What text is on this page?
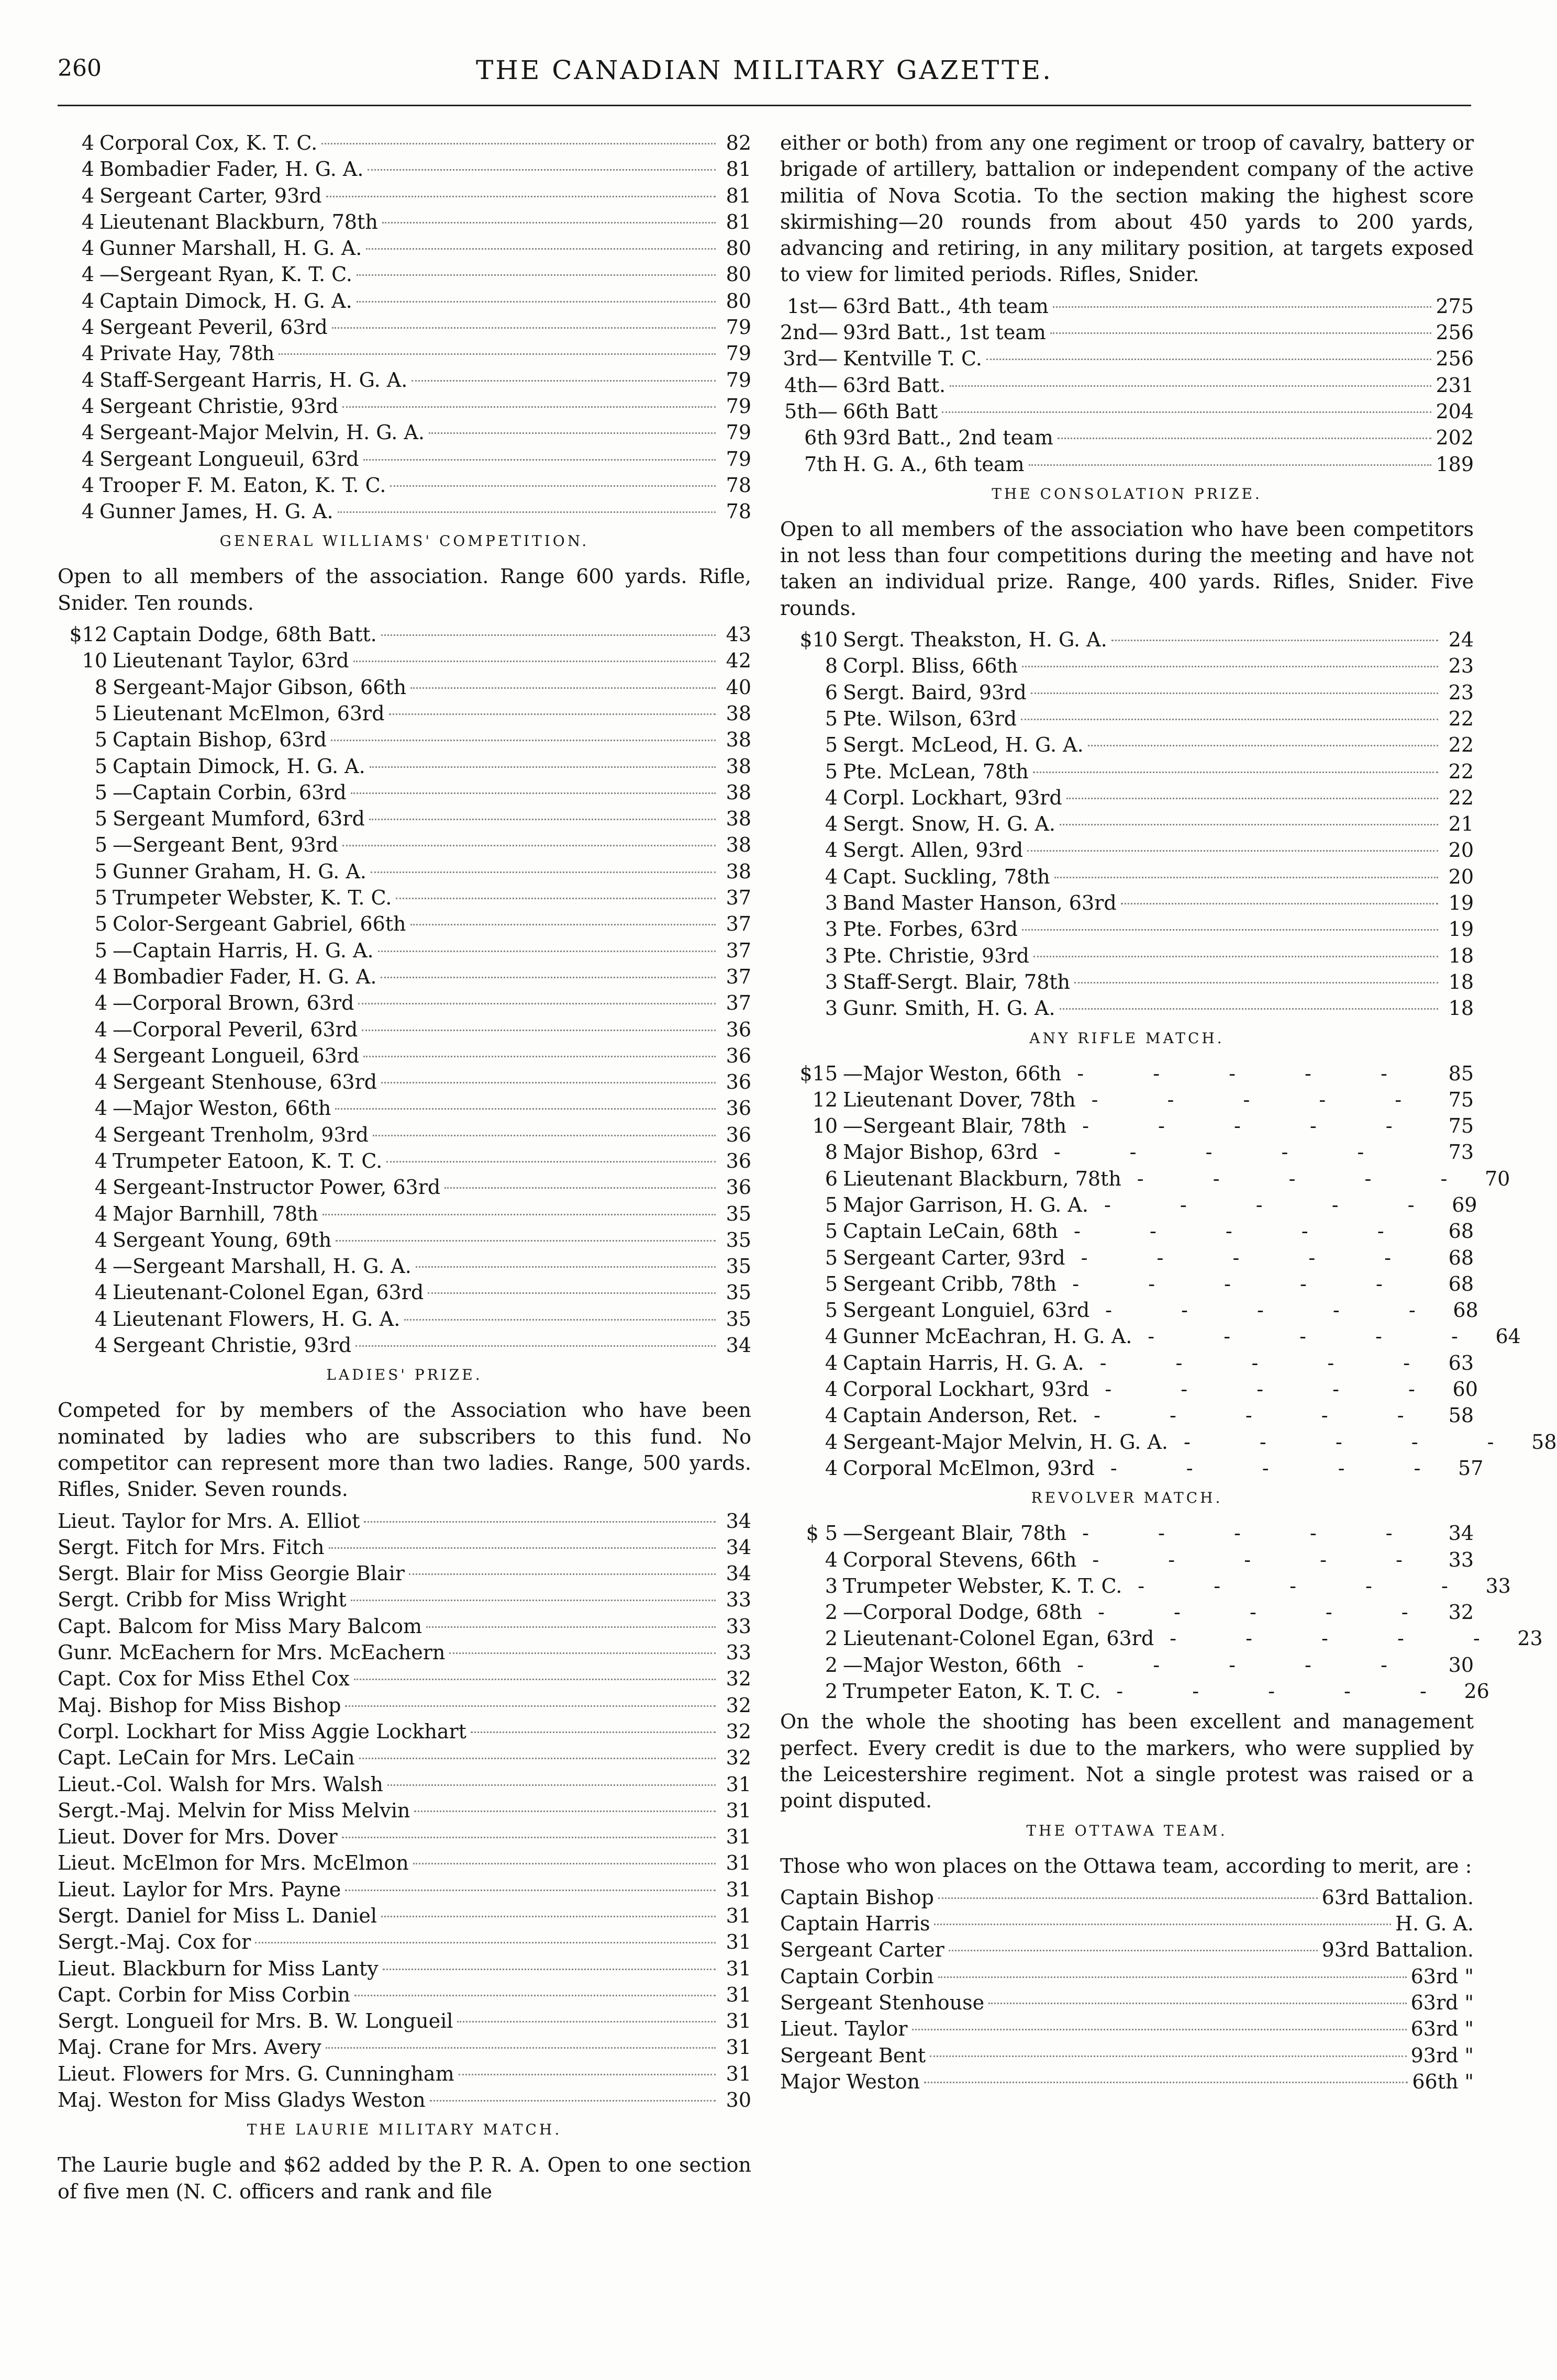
260	THE CANADIAN MILITARY GAZETTE.
4 Corporal Cox, K. T. C.	82
4 Bombadier Fader, H. G. A.	81
4 Sergeant Carter, 93rd	81
4 Lieutenant Blackburn, 78th	81
4 Gunner Marshall, H. G. A.	80
4 —Sergeant Ryan, K. T. C.	80
4 Captain Dimock, H. G. A.	80
4 Sergeant Peveril, 63rd	79
4 Private Hay, 78th	79
4 Staff-Sergeant Harris, H. G. A.	79
4 Sergeant Christie, 93rd	79
4 Sergeant-Major Melvin, H. G. A.	79
4 Sergeant Longueuil, 63rd	79
4 Trooper F. M. Eaton, K. T. C.	78
4 Gunner James, H. G. A.	78
GENERAL WILLIAMS' COMPETITION.
Open to all members of the association. Range 600 yards. Rifle, Snider. Ten rounds.
$12 Captain Dodge, 68th Batt.	43
10 Lieutenant Taylor, 63rd	42
8 Sergeant-Major Gibson, 66th	40
5 Lieutenant McElmon, 63rd	38
5 Captain Bishop, 63rd	38
5 Captain Dimock, H. G. A.	38
5 —Captain Corbin, 63rd	38
5 Sergeant Mumford, 63rd	38
5 —Sergeant Bent, 93rd	38
5 Gunner Graham, H. G. A.	38
5 Trumpeter Webster, K. T. C.	37
5 Color-Sergeant Gabriel, 66th	37
5 —Captain Harris, H. G. A.	37
4 Bombadier Fader, H. G. A.	37
4 —Corporal Brown, 63rd	37
4 —Corporal Peveril, 63rd	36
4 Sergeant Longueil, 63rd	36
4 Sergeant Stenhouse, 63rd	36
4 —Major Weston, 66th	36
4 Sergeant Trenholm, 93rd	36
4 Trumpeter Eatoon, K. T. C.	36
4 Sergeant-Instructor Power, 63rd	36
4 Major Barnhill, 78th	35
4 Sergeant Young, 69th	35
4 —Sergeant Marshall, H. G. A.	35
4 Lieutenant-Colonel Egan, 63rd	35
4 Lieutenant Flowers, H. G. A.	35
4 Sergeant Christie, 93rd	34
LADIES' PRIZE.
Competed for by members of the Association who have been nominated by ladies who are subscribers to this fund. No competitor can represent more than two ladies. Range, 500 yards. Rifles, Snider. Seven rounds.
Lieut. Taylor for Mrs. A. Elliot	34
Sergt. Fitch for Mrs. Fitch	34
Sergt. Blair for Miss Georgie Blair	34
Sergt. Cribb for Miss Wright	33
Capt. Balcom for Miss Mary Balcom	33
Gunr. McEachern for Mrs. McEachern	33
Capt. Cox for Miss Ethel Cox	32
Maj. Bishop for Miss Bishop	32
Corpl. Lockhart for Miss Aggie Lockhart	32
Capt. LeCain for Mrs. LeCain	32
Lieut.-Col. Walsh for Mrs. Walsh	31
Sergt.-Maj. Melvin for Miss Melvin	31
Lieut. Dover for Mrs. Dover	31
Lieut. McElmon for Mrs. McElmon	31
Lieut. Laylor for Mrs. Payne	31
Sergt. Daniel for Miss L. Daniel	31
Sergt.-Maj. Cox for	31
Lieut. Blackburn for Miss Lanty	31
Capt. Corbin for Miss Corbin	31
Sergt. Longueil for Mrs. B. W. Longueil	31
Maj. Crane for Mrs. Avery	31
Lieut. Flowers for Mrs. G. Cunningham	31
Maj. Weston for Miss Gladys Weston	30
THE LAURIE MILITARY MATCH.
The Laurie bugle and $62 added by the P. R. A. Open to one section of five men (N. C. officers and rank and file
either or both) from any one regiment or troop of cavalry, battery or brigade of artillery, battalion or independent company of the active militia of Nova Scotia. To the section making the highest score skirmishing—20 rounds from about 450 yards to 200 yards, advancing and retiring, in any military position, at targets exposed to view for limited periods. Rifles, Snider.
1st— 63rd Batt., 4th team	275
2nd— 93rd Batt., 1st team	256
3rd— Kentville T. C.	256
4th— 63rd Batt.	231
5th— 66th Batt	204
6th 93rd Batt., 2nd team	202
7th H. G. A., 6th team	189
THE CONSOLATION PRIZE.
Open to all members of the association who have been competitors in not less than four competitions during the meeting and have not taken an individual prize. Range, 400 yards. Rifles, Snider. Five rounds.
$10 Sergt. Theakston, H. G. A.	24
8 Corpl. Bliss, 66th	23
6 Sergt. Baird, 93rd	23
5 Pte. Wilson, 63rd	22
5 Sergt. McLeod, H. G. A.	22
5 Pte. McLean, 78th	22
4 Corpl. Lockhart, 93rd	22
4 Sergt. Snow, H. G. A.	21
4 Sergt. Allen, 93rd	20
4 Capt. Suckling, 78th	20
3 Band Master Hanson, 63rd	19
3 Pte. Forbes, 63rd	19
3 Pte. Christie, 93rd	18
3 Staff-Sergt. Blair, 78th	18
3 Gunr. Smith, H. G. A.	18
ANY RIFLE MATCH.
$15 —Major Weston, 66th - - - - -	85
12 Lieutenant Dover, 78th - - - - - 75
10 —Sergeant Blair, 78th - - - - -	75
8 Major Bishop, 63rd - - - - -	73
6 Lieutenant Blackburn, 78th - - - - - 70
5 Major Garrison, H. G. A. - - - - - 69
5 Captain LeCain, 68th - - - - -	68
5 Sergeant Carter, 93rd - - - - -	68
5 Sergeant Cribb, 78th - - - - -	68
5 Sergeant Longuiel, 63rd - - - - - 68
4 Gunner McEachran, H. G. A. - - - - - 64
4 Captain Harris, H. G. A. - - - - - 63
4 Corporal Lockhart, 93rd - - - - - 60
4 Captain Anderson, Ret. - - - - - 58
4 Sergeant-Major Melvin, H. G. A. - - - - - 58
4 Corporal McElmon, 93rd - - - - - 57
REVOLVER MATCH.
$ 5 —Sergeant Blair, 78th - - - - -	34
4 Corporal Stevens, 66th - - - - - 33
3 Trumpeter Webster, K. T. C. - - - - - 33
2 —Corporal Dodge, 68th - - - - - 32
2 Lieutenant-Colonel Egan, 63rd - - - - - 23
2 —Major Weston, 66th - - - - -	30
2 Trumpeter Eaton, K. T. C. - - - - - 26
On the whole the shooting has been excellent and management perfect. Every credit is due to the markers, who were supplied by the Leicestershire regiment. Not a single protest was raised or a point disputed.
THE OTTAWA TEAM.
Those who won places on the Ottawa team, according to merit, are :
Captain Bishop	63rd Battalion.
Captain Harris	H. G. A.
Sergeant Carter	93rd Battalion.
Captain Corbin	63rd "
Sergeant Stenhouse	63rd "
Lieut. Taylor	63rd "
Sergeant Bent	93rd "
Major Weston	66th "
